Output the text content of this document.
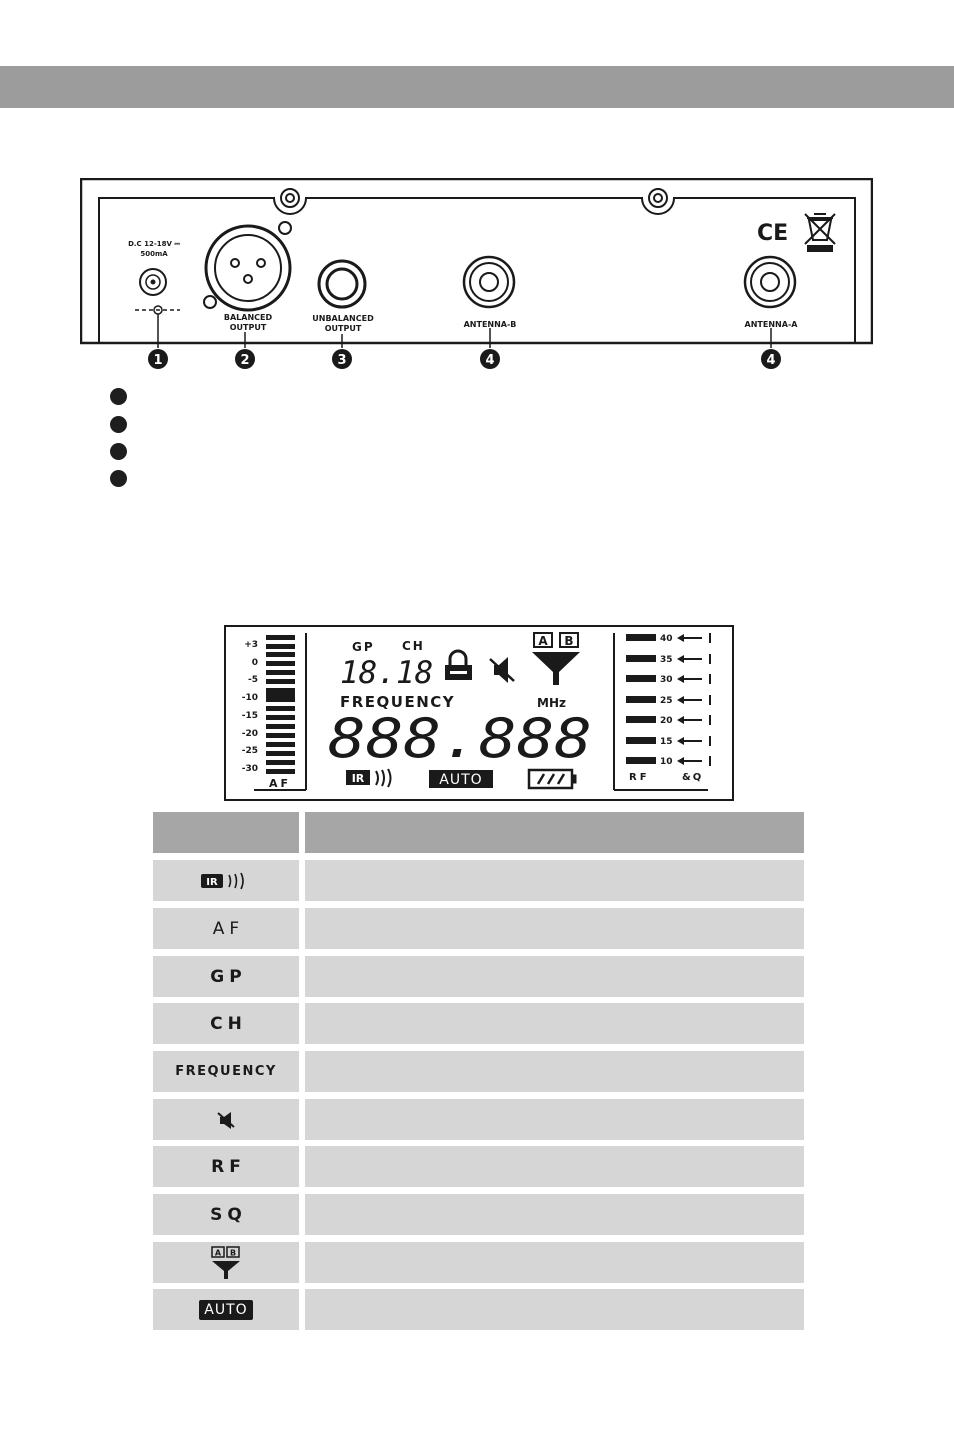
D.C 12-18V ⎓
500mA
BALANCED
OUTPUT
UNBALANCED
OUTPUT	ANTENNA-B	ANTENNA-A
CE
1	2	3	4	4
+3
0
-5
-10
-15
-20
-25
-30
AF
GP CH
18.18
A B
FREQUENCY	MHz
888.888
IR	AUTO
40
35
30
25
20
15
10
RF	&Q
IR
AF
GP
CH
FREQUENCY
RF
SQ
A B
AUTO
